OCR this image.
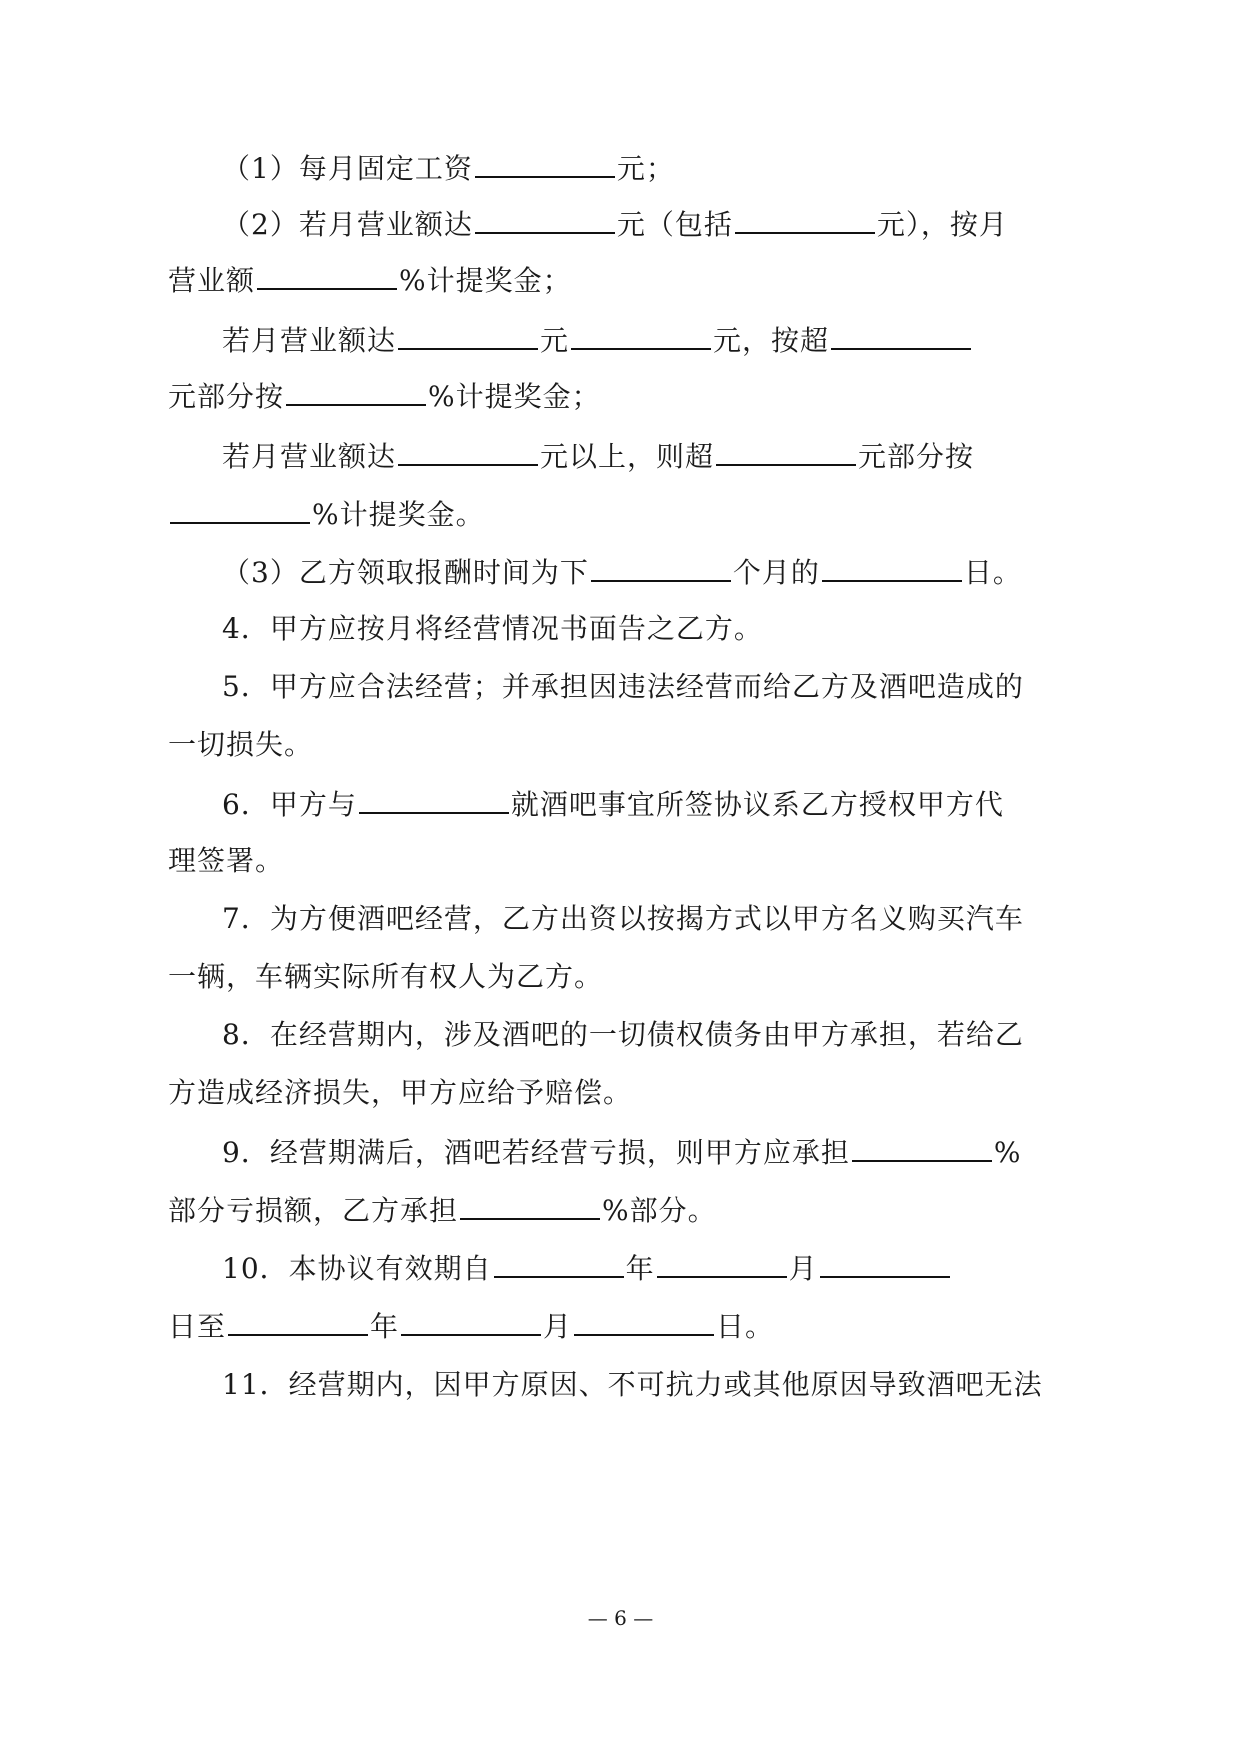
（1）每月固定工资	元；
（2）若月营业额达	元（包括	元），按月
营业额	%计提奖金；
若月营业额达	元	元，按超
元部分按	%计提奖金；
若月营业额达	元以上，则超	元部分按
%计提奖金。
（3）乙方领取报酬时间为下	个月的	日。
4．甲方应按月将经营情况书面告之乙方。
5．甲方应合法经营；并承担因违法经营而给乙方及酒吧造成的
一切损失。
6．甲方与	就酒吧事宜所签协议系乙方授权甲方代
理签署。
7．为方便酒吧经营，乙方出资以按揭方式以甲方名义购买汽车
一辆，车辆实际所有权人为乙方。
8．在经营期内，涉及酒吧的一切债权债务由甲方承担，若给乙
方造成经济损失，甲方应给予赔偿。
9．经营期满后，酒吧若经营亏损，则甲方应承担	%
部分亏损额，乙方承担	%部分。
10．本协议有效期自	年	月
日至	年	月	日。
11．经营期内，因甲方原因、不可抗力或其他原因导致酒吧无法
— 6 —
